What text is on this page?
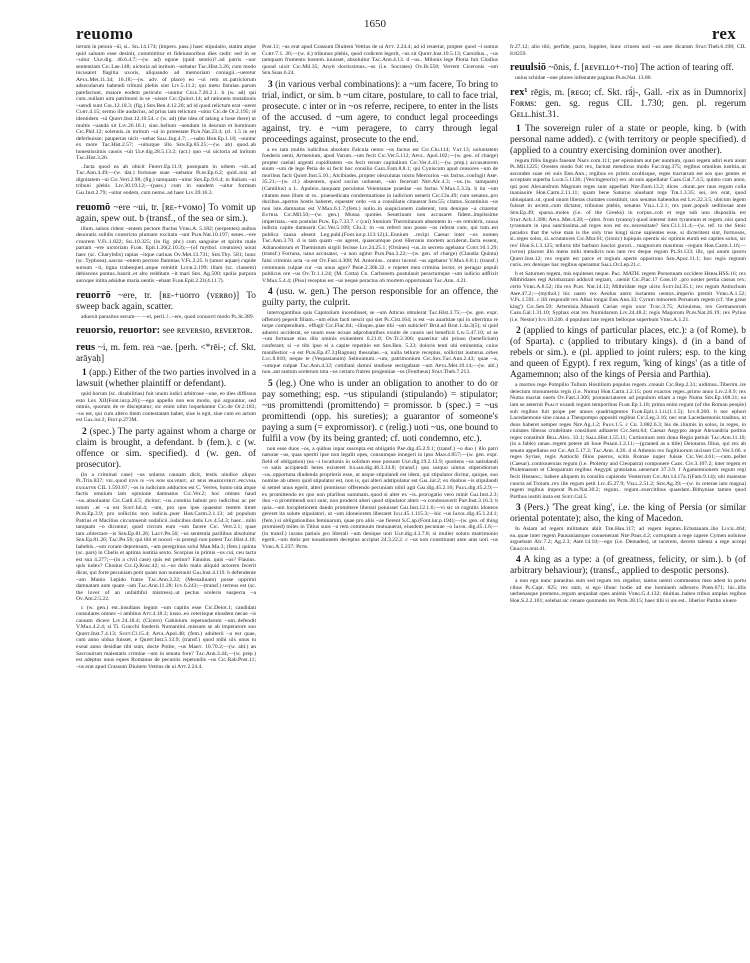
reuomo	1650	rex

iterum in peiora ~ūi, si.. Sɪʟ.14.174; (impers. pass.) haec stipulatio, statim atque quid saluum esse desinit, committitur et fideiussoribus dies cedit: sed in se ~uitur Uʟᴘ.dig. 46.6.4.7;—(w. ad) egone (quid sentio)?..ad patris ~uor sententiam Cɪᴄ.Lae.148; uictoria ad inritum ~uebatur Tᴀᴄ.Hist.3.26; cum modo incusaret flagitia uxoris, aliquando ad memoriam coniugii..~ueretur Aᴘᴜʟ.Met.11.34; 16.18;—(w. adv. of place) eo ~ui rem ut..patriciorum adsecularum habendi tribuni plebis sint Lɪᴠ.5.11.2; qui metu fistulae..parum patefaciunt, maiore eodem periculo ~uuntur Cᴇʟs.7.26.2.1. b (w. ad) qui cum..nullam uim patrimoni in se ~uisset Cɪᴄ.Quinct.14; ad rationem mutationis ~uendi sunt Cᴏʟ.12.18.3; (fig.) Sᴇɴ.Ben.4.12.20; ad id quod relictum erat ~ueret Cᴜʀᴛ.4.15; sermo ille audacius, ad prius iam relictum ~uitur Cɪᴄ.de Or.2.195; rē identidem ~ui Quɪɴᴛ.Inst.12.10.54. c (w. ad) (the idea of taking a hose there) ut multis ~uanda sit Lɪᴠ.26.16.1; sine..bellum ~uendum in deorum et hominum Cɪᴄ.Phil.12; solennis..in inritum ~ui in protestate Pʟɪɴ.Nat.23.4; (cl. 1.5 in se) deferbuisse; paupertas uicit ~uebat Sᴀʟʟ.Iug.4.7; ..~uabo Hᴏʀ.Ep.1.18; ~uuntur ex more Tac.Hist.2.57; ~uiturque illo Sᴇɴ.Ep.85.25;—(w. ab) quod..ab honestissimis causis ~uit Uʟᴘ.dig.28.5.13.2; (act.) quo ~ui uictoria ad inritum Tᴀᴄ.Hist.3.26.

..facta quod ea ab obicit Fʀᴏɴᴛ.Ep.11.9; postquam in urbem ~uit..ad Tᴀᴄ.Ann.4.49;—(w. dat.) fortunae suae ~uebatur Pʟɪɴ.Ep.6.2; quid..nisi ad dignitatem ~ui Cɪᴄ.Verr.2.98; (fig.) tamquam ~uitur Sᴇɴ.Ep.9.6.4; in Italiam ~ui tribuni plebis Lɪᴠ.30.19.12;—(pass.) cum in eandem ~uitur formam Gᴀɪ.Inst.2.79; ~uitur eodem, cum nemo..ad haec Lɪᴠ.39.16.3.

reuomō ~ere ~ui, tr. [ʀᴇ-+ᴠᴏᴍᴏ] To vomit up again, spew out. b (transf., of the sea or sim.).

illum..salsos rident ~entem pectore fluctus Vᴇʀɢ.A. 5.182; (serpentes) auibus deuoratis solidis constricto plumam excitam ~unt Pʟɪɴ.Nat.10.197; senes..~ere cruorem V.Fʟ.1.822; Sɪʟ.10.325; (in fig. phr.) cum sanguine et spiritu male partam ~ere uictoriam Fʟᴏʀ. Epit.1.26(2.10.3);—(of mythol. creatures) uorat haec (sc. Charybdis) raptas ~itque carinas Oᴠ.Met.13.731; Sᴇɴ.Thy. 581; hunc (sc. Typhoea)..sacras ~entem pectore flammas V.Fʟ.2.25. b (umor aquae) cupide sursum ~it, tigna trabesque)..atque remittit Lᴜᴄʀ.2.199; illam (sc. classem) dehiscens pontus..haurit..et alto redditam ~it mari Sᴇɴ. Ag.500; spolia purpura auroque inlita adsidue maria uentis ~ebant Fʟᴏʀ.Epit.2.21(4.11.7).

reuorrō ~ere, tr. [ʀᴇ-+uorro (ᴠᴇʀʀᴏ)] To sweep back again, scatter.

aduexit parasitos secum— —ei, peril..!..~ere, quod conuorri modo Pʟ.St.389.

reuorsio, reuortor: see ʀᴇᴠᴇʀsɪᴏ, ʀᴇᴠᴇʀᴛᴏʀ.

reus ~i, m. fem. rea ~ae. [perh. <*rēi-; cf. Skt. arāyaḥ]

1 (app.) Either of the two parties involved in a lawsuit (whether plaintiff or defendant).

quid horum (sc. disabilitias) fuit unum iudici arbitroue ~one, eo dies diffissus esto Lex XII(Font.iur.p.26);—ego appello non eos modo, qui arguuntur, sed omnis, quorum de re disceptatur; sic enim olim loquebantur Cɪᴄ.de Or.2.183; ~us est, qui cum altero litem contestatam habet, siue is egit, siue cum eo actum est Gᴀʟ.iur.2; Fᴇsᴛ.p.273M.

2 (spec.) The party against whom a charge or claim is brought, a defendant. b (fem.). c (w. offence or sim. specified). d (w. gen. of prosecutor).

(in a criminal case) ~us solutus causam dicit, testis uindice aliquo Pʟ.Trin.837; ᴠᴇɪ..quod ᴇɪᴠs ɪs ~ᴠs ɴᴏɴ sᴏʟᴠᴇʀɪᴛ, ᴀᴛ ʀᴇɪs ᴘʀᴀᴇᴅɪᴠᴇʀɪᴛ..ᴘᴇᴄᴠɴɪᴀ ᴇxɪɢᴀᴛᴠʀ CIL 1.593.67; ~os in iudicium adductos est C. Verres, homo uita atque factis omnium iam opinione damnatus Cɪᴄ.Ver.2; hoc omnes haud ~us..absoluatur Cɪᴄ.Catil.4.5; dicitur; ~us..comitia habuit pro iudicibus ac per totum ..et ~a est Sᴜᴇᴛ.Iul.4; ~um, pro quo ipse quaestor testem timet Pʟɪɴ.Ep.3.9; pro sollicitis non iudicis..puer Hᴏʀ.Carm.2.1.13; ad populum Patrius et Macilius circumuenit sodalicii..iudicibus datis Lɪᴠ.4.54.3; haec.. mihi tanquam ~o dicuntur; quod circum eum ~um facere Cɪᴄ. Verr.2.1; quae tam..obiectare ~is Sᴇɴ.Ep.81.26; Lᴀᴄᴛ.Pʜ.56; ~us sententia parilibus absoluitur Sᴇɴ.Ep.81.26; Tᴀᴄ.Pʜ.56; qui tibi et noceri ~is protegi non potest Tᴀᴄ.Hist.4.10; habebis..~um coram deprensum, ~am peregrinus solui Mᴀʀ.Ma.3; (fem.) quinta (sc. pars) in Chelis et aptima iustitia sexto. Scorpius in primis ~os cui, ceu tacta est sua 4.277;—(in a civil case) quis est petitor? Fannius. quis ~us? Flauius. quis iudex? Cluuius Cɪᴄ.Q.Rosc.42; si..~us dolo malo aliquid actorem fecerit dicat, qui forte pecuniam petit quam non numerauit Gᴀɪ.Inst.4.119. b defendente ~am Manio Lepido fratre Tᴀᴄ.Ann.3.22; (Messalinam) posse opprimi damnatam ante quam ~am Tᴀᴄ.Ann.11.28; Iᴜᴠ.6.243;—(transf.) terreus est (sc. the lover of an unfaithful mistress)..ut pectus sceleris suspecta ~a Oᴠ.Am.2.5.22.

c (w. gen.) est..insultans legum ~um capitis esse Cɪᴄ.Deiot.1; candidati consulares omnes ~i ambitus Aᴛᴛ.4.18.3; iusso..eo ceterisque eiusdem necae ~is causam dicere Lɪᴠ.24.18.4; (Cicero) Gabinium repetundarum ~um..defendit V.Mᴀx.4.2.4; si Ti. Gracchi foederis Numantini..missum se ab imperatore suo Quɪɴᴛ.Inst.7.4.13; Sᴜᴇᴛ.Cl.15.4; Aᴘᴜʟ.Apol.48; (fem.) adulterii ~a est quae, cum anno uidua fuisset, e Quɪɴᴛ.Inst.5.13.9; (transf.) quod mihi uix unus tu exeat anno desidiae tibi sum, docte Potite, ~us Mᴀʀᴛ. 10.70.2;—(w. abl.) an Sacrouirum maiestatis crimine ~um in senatu fore? Tᴀᴄ.Ann.3.44;—(w. prep.) est adeptus unus eques Romanus de pecuniis repetundis ~us Cɪᴄ.Rab.Post.11; ~us erat apud Crassum Diuitem Vettius de ui Aᴛᴛ.2.24.4.

Post.11; ~us erat apud Crassum Diuitem Vettius de ui Aᴛᴛ. 2.24.4; ad id reuertar, propter quod ~i sumus Cᴜʀᴛ.7.1. 26;—(w. d.) tribunus plebis, quod codicem legerit, ~us sit Quɪɴᴛ.Inst.10.5.13; Carsidius.., ~us tamquam frumento hostem..iuuisset, absoluitur Tᴀᴄ.Ann.4.13. d ~us.. Milonis lege Plotia fuit Clodius quoad uixit Cɪᴄ.Mil.35; Anyti doctissimus..~us (i.e. Socrates) Oᴠ.Ib.558; Verrem Ciceronis ~um Sᴇɴ.Suas.6.24.

3 (in various verbal combinations): a ~um facere, To bring to trial, indict, or sim. b ~um citare, postulare, to call to face trial, prosecute. c inter or in ~os referre, recipere, to enter in the lists of the accused. d ~um agere, to conduct legal proceedings against, try. e ~um peragere, to carry through legal proceedings against, prosecute to the end.

a ex tam multis iudicibus absoluto Falcula nemo ~os factus est Cɪᴄ.Clu.114; Vᴀᴛ.13; uoluntatem foederis uenti, Armenium, apud Varum..~um fecit Cɪᴄ.Ver.5.112; Aᴘᴜʟ. Apol.102;—(w. gen. of charge) propter caelati argenti cupiditatem ~os fecit rerum capitalium Cɪᴄ.Ver.4.41;—(w. prep.) accusatorem suum ~um de lege Petia de ui fecit hoc consilio Cᴀᴇʟ.Fam.8.8.1; qui Cyniscum apud censores ~um de moribus facit Quɪɴᴛ.Inst.5.10.; Alcibiades..propter obscuratas noctu Mercurios ~us factus..confugit Aᴍᴘ. 35.21;—(w. cl.) absentem, quod socius uolueset, ~um fecerunt Nᴇᴘ.Alc.4.3; ~os..(w. tamquam) (Camillus) a L. Apuleio..tanquam peculatus Veientanae praedae ~us factus V.Mᴀx.5.3.2a. b ita ~um citatum esse illum ut ro.. praeuedicata condemnatione in iudicium uenerit Cɪᴄ.Clu.49; cum senatus..pro ducibus..apertos hostis haberet, equester ordo ~os a consiliatis citauerat Sᴇɴ.55; citatus..Scantinius ~us non iste..damnatus est V.Mᴀx.6.1.7;(fem.) nullo..in suspicionem caderent, tota denique ~a citaretur Eᴜᴛʀɪᴀ Cɪᴄ.Mil.50;—(w. gen.) Mussa quoties Seuerinam non accusaret fidem..impiissime imperitata..~um postulat Pʟɪɴ. Ep.7.33.7. c (cui) Stenium Thermitanum absentem in ~os rettulerit, causa indicta capite damnarit Cɪᴄ.Ver.5.109; Clu.3; in ~os referri non posse ~os referat cum, qui tum..est publica causa absent Leg.publ.(Font.iur.p.113:12);L.Ennium ..recipi Caesar inter ~os nomen Tᴀᴄ.Ann.3.70. d is tam quam ~os ageret, quaecumque post Hieronis mortem acciderat..facta essent, Adranodorum et Themistum sirgili fecisse Lɪᴠ.24.25.1; (Orsines) ~us..in secreto agebatur Cᴜʀᴛ.10.1.29; (transf.) Fortuna, uana accusator, ~a non agitur Pʟɪɴ.Pan.3.22;—(w. gen. of charge) (Claudia Quinta) falsi criminis acta ~a est Oᴠ.Fast.4.308; M. Antonius.. orator incesti ~us agebatur V.Mᴀx.6.8.1; (transf.) communis culpae cur ~us unus agor? Pʀᴏᴘ.2.30b.32. e repetet mea crimina lector, et peragar populi publicus ore ~us Oᴠ.Tr.1.1.24; (M. Cotta) Cn. Carbonem..postulauit peractumque ~um iudicio adflixit V.Mᴀx.5.4.4; (Piso) receptus est ~us neque peractus ob mortem opportunam Tᴀᴄ.Ann. 4.21.

4 (usu. w. gen.) The person responsible for an offence, the guilty party, the culprit.

interrogantibus quis Capitolium incendisset, se ~um Atticus obtulerat Tᴀᴄ.Hist.3.75;—(w. gen. expr. offence) peperit filiam..~um eiius facti nescit qui siet Pʟ.Cist.164; is est ~us auaritiae qui in uberrima re turpe compendium.. effugit Cɪᴄ.Flac.84; ~ilisque..piae tibi ~um subiciet? Brut.ad Brut.1.4a.3(5); si quid aduersi acciderat, se unum esse noxae adprobantibus exuite de causis uel beneficii Lɪᴠ.5.47.10; ut se ~um fortunae eius diis ominis exinentem 6.21.8; Oᴠ.Tr.2.306; quaeritur ubi priuso (beneficium) conferant; si ~o tibi ipso ei a capite repetitio est Sᴇɴ.Ben. 5.23; doloris tenti ubi eminentia, cuius manifestior ~a est Pʟɪɴ.Ep.47.3;(Ragnus) thessalae..~a, nulla telluræ receptus, sollicitat iusturus..orbes Lᴜᴄ.8.810; neque te (Vespasianum) Selinuntum..~um, patrimonium Cɪᴄ.Sex.Tᴀᴄ.Ann.2.43; quae ~a, ~umque culpae Tᴀᴄ.Ann.4.32; cotidiani damni studiose sectigabant ~um Aᴘᴜʟ.Met.10.14;—(w. abl.) non..aut tantum scelerum tota ~os certaro fratres progeniiae ~os (Fentheus) Sᴛᴀᴛ.Theb.7.213.

5 (leg.) One who is under an obligation to another to do or pay something; esp. ~us stipulandi (stipulando) = stipulator; ~us promittendi (promittendo) = promissor. b (spec.) = ~us promittendi (opp. his sureties); a guarantor of someone's paying a sum (= expromissor). c (relig.) uoti ~us, one bound to fulfil a vow (by its being granted; cf. uoti condemno, etc.).

non esse duos ~os, a quibus inpar suscepta est obligatio Pᴀᴘ.dig.45.2.9.1; (transf.) ~o duo ( illo patri naturae ~us, quas operiti ipse non legalit opes, consumque innegeri in ipso Mᴀɴ.4.857;—(w. gen. expr. field of obligation) (ea ~i locationis in solidum esse possunt Uʟᴘ.dig.19.2.13.9; quotiens ~us satisdandi ~o satis acciptendi heres existeret Iᴜʟɪᴀɴ.dig.46.3.34.8; (transf.) quo usiquo uintus stipendiorum ~us..opportuna diudenda proprieris esse, ut usque stipulandi est idem, qui stipulator dicitur, quique, suo nomine ab uttero quid stipulatur est, non is, qui alteri adstipulatur est Gᴀʟ.iur.2; ex duobus ~is stipulandi si semel unus egerit, alteri promissor offerendo pecuniam nihil agit Gᴀɪ.dig.45.2.16; Pᴀᴜʟ.dig.45.2.9;—ex promittendo ex quo non pluribus summam..quod si alter ex ~is..prorogatio vero minit Gᴀɪ.Inst.2.3; duo ~o promittendi soci sunt, non proderit alteri quod stipulator alteri ~o condonaverit Pᴀᴘ.Inst.3.16.3; b quia..~um locupletiorem dando promittere liberari potuisset Gᴀɪ.Inst.12.1.6;—vi sic ut cognitis idoneos gereret ita solute stipulatori, ut ~um idoneiorem liberaret Iᴜʟɪ.45.1.115.3;—hic ~us Iᴀᴠᴏʟ.dig.45.1.24.1; (fem.) si obligationibus feminarum, quae pro aliis ~ae fierent S.C.ap.(Font.iur.p.194);—(w. gen. of thing promised) miles in Titius suus ~a rem commuum mutuauerat, eiusdem pecuniae ~o Iᴀᴠᴏʟ dig.45.1.6;—(in transf.) iurans patiuis pro liberali ~um denique uoti Uʟᴘ.dig.4.3.7.8; si mulier soluto matrimonio egerit..~um dotis per nouationem deceptus acciptat 24.3.22.2. c ~us non constituunt ante aras uoti ~us Vᴇʀɢ.A.5.237; Pᴇᴛʀ.

fr.27.12; alio tibi, perfide, pacto, Iuppiter, hunc crinem uoti ~us ante dicaram Sᴛᴀᴛ.Theb.6.198; CIL 8.8259.

reuulsiō ~ōnis, f. [ʀᴇᴠᴇʟʟᴏ+-ᴛɪᴏ] The action of tearing off.

unius schidae ~one plures infestante paginas Pʟɪɴ.Nat. 13.80.

rex¹ rēgis, m. [ʀᴇɢᴏ; cf. Skt. rā́j-, Gall. -rix as in Dumnorix] Fᴏʀᴍs: gen. sg. regus CIL 1.730; gen. pl. regerum Gᴇʟʟ.hist.31.

1 The sovereign ruler of a state or people, king. b (with personal name added). c (with territory or people specified). d (applied to a country exercising dominion over another).

regum filiis linguis faueant Nᴀᴇᴠ.com.111; per epistulam aut per nuntium, quasi regem adiri eum aiunt Pʟ.Mil.1225; Orestes modo fuit rex, factust mendicus modo Fᴀᴄ.trag.375; regibus omnibus iustitia..ut ascondes suae rei suis Eɴɴ.Ann.; regibus ex pristis ocultisque, reges tractarum est sos quo gentes et acceptam superba Lᴜᴄʀ.5.1136; (Vercingetorix) rex ab suis appellatur Cᴀᴇs.Gal.7.4.5; quinto cum anno, qui post Alexandrum Magnum reges sunt appellati Nᴇᴘ.Eum.13.2; dices ..durat..per raus regum colla inaniaoire Hᴏʀ.Carm.2.11.11; quam bene Saturno uiuebant rege Tɪʙ.1.3.35; sei, rex erat, quod ubiuspiam..ut, quod unum liberas ciuitates constituit, uox senatus habendus est Lɪᴠ.22.3.5; ubicum legem fuisset in arcem..cum dictator, tribunus plebis, senatus Vᴇʟʟ.1.2.1; rex puer..populi seditiosae ante Sᴇɴ.Ep.49; sparsa..moles (i.e. of the Greeks) in corpus..colt et rege sub uno dispositia est Sᴛᴀᴛ.Ach.1.398; Aᴘᴜʟ.Met.4.28;—(abst. from tyranny) quod interest inter tyrannum et regem..nisi quod tyrannum in ipsa sanctissima..ad reges non est ex..necessitate? Sᴇɴ.Cl.1.11.4;—(w. ref. to the Stoic paradox that the wise man is the only true king) sicne sapientes esse, si dicteritent sint, formosos, si..reges solos, si..scrutatores Cɪᴄ.Mur.61; (ironic) lupiquis opentis sic optimis eumh est capites solus, sic rex' Hᴏʀ.S.1.3.125; telluris tibi barbaro luscioi gururi... magnorum maximus ~regum Hᴏʀ.Carm.1.16;—(wron) placent illo mens mihi mendicis non tam rex deque regum Pʟ.St.133; illc, qui unum ipsoru Quɪɴᴛ.Inst.12; rex regum est parce et regium aperte opportuno Sᴇɴ.Apoc.11.1; hoc regis regnum curis..rex denique hac regibus operantur Sᴀʟʟ.Or.Lep.21.c.

b et Saturnen regem, mis equiteses neque. Pᴀᴄ. MATH. regem Porsennam occidere Hᴇʀᴍ.HSS.16; rex Mithridates regi Ariobarzani adduxit regiam, ..ueniit Cɪᴄ.Flac.17 Cᴏᴍ.10 ..pro noster pertia cassus rex; certo Vᴇʀɢ.A.8.52; illa rex Pʟɪɴ. Nat.14.12; Mithridate rege uicto Sᴜᴇᴛ.Iul.35.1; rex regum Antiochum Aᴍᴘ.47.2;—(mythol.) hic uasto rex Aeolus antro luctantes uentos..imperio premit Vᴇʀɢ.A.1.52; V.Fʟ.1.591. c illi respondit rex Albai longai Eɴɴ.Ann.33; Cyrum minorem Persarum regem (cf. 'the great king') Cɪᴄ.Sen.59; Artemisia..Mausoli Cariae regis uxor Tᴜsᴄ.3.75; Ariouistus, rex Germanorum Cᴀᴇs.Gal.1.31.10; Syphax erat rex Numidarum Lɪᴠ.24.48.2; regis Magorum Pʟɪɴ.Nat.26.19; rex Pylius (i.e. Nestor) Iᴜᴠ.10.246. d populum late regem belloque superbum Vᴇʀɢ.A.1.21.

2 (applied to kings of particular places, etc.): a (of Rome). b (of Sparta). c (applied to tributary kings). d (in a band of rebels or sim.). e (pl. applied to joint rulers; esp. to the king and queen of Egypt). f rex regum, 'king of kings' (as a title of Agamemnon; also of the kings of Persia and Parthia).

a mortuo rege Pompilio Tullum Hostilium populus regem..creauit Cɪᴄ.Rep.2.31; uidimus..Tiberim..ire deiectum monumenta regis (i.e. Numa) Hᴏʀ.Carm.1.2.15; post exactos reges..primo anno Lɪᴠ.2.8.9; rex Numa mactat ouem Oᴠ.Fast.3.306; pronunciatoren ad populum etiam a rege Numa Sᴇɴ.Ep.108.31; ea iam se aeternit Pʟᴀᴜᴛ exaudi regum temporibus Fʟᴏʀ.Ep.1.18; prima enim regum (of the Roman people) sub regibus fuit prope per annos quadringentos Fʟᴏʀ.Epit.1.1.ii.(1.1.5); Iᴜᴠ.8.260. b nec ephori Lacedaemone sine causa a Theopompo oppositi regibus Cɪᴄ.Leg.3.16; nec erat Lacedaemonis traditus, ut duos haberet semper reges Nᴇᴘ.Ag.1.2; Pᴀᴜs.1.5. c Cɪʟ 3.882.6.3; his de..iliumis in solos, in reges, in ciuitates liberas crudelitate consilium adhaeret Cɪᴄ.Sest.64; Caesar Aegypto atque Alexandria potitus reges constituit Bᴇʟʟ.Alex. 33.1; Sᴀʟʟ.Hist.1.55.11; Curtionium rem dona Regia petiuit Tᴀᴄ.Ann.11.16; (in a fable) ranae..regem petere ab Ioue Pʜᴀᴇᴅ.1.2.11;—(granted as a title) Deiotarus filius, qui rex ab senatu appellatus est Cɪᴄ.Att.5.17.3; Tᴀᴄ.Ann. 4.26. d si Athenio rex fugitiuorum uicisset Cɪᴄ.Ver.3.66. e reges Syriae, regis Antiochi filios pueros, scitis Romae nuper fuisse Cɪᴄ.Ver.4.61;—cum..pellet (Caesar)..controuersias regum (i.e. Ptolemy and Cleopatra) componere Cᴀᴇs. Civ.3.107.2; inter regem et Ptolemaeum et Cleopatram regibus Aegypti gratulatus..uenerunt 37.3.9. f Agamemnonem regum regi fecit Hᴇʀᴍᴏɢ.; habere aliquem in consilio capiendo Vesterrum Cɪᴄ.Att.14.17a.1(Fam.9.14); ubi maiestas cuncta ad Troiam..rex ille regum petit Lɪᴠ.45.27.9; Vᴇʟʟ.2.51.2; Sᴇɴ.Ag.39;—(w. in ceterae iam magna) regem regibus imperat Pʟɪɴ.Nat.30.2; regum.. regum..exercitibus quaedam..Bithyniae tamen quod Parthos iustiti insta est Sᴜᴇᴛ.Cal.5.

3 (Pers.) 'The great king', i.e. the king of Persia (or similar oriental potentate); also, the king of Macedon.

In Asiam ad regem militatum abiit Tᴇʀ.Hau.117; ad regem legatus..Ecbatanam..ibo Lᴜᴄɪʟ.464; ea..quae inter regem Pausaniamque conuenerant Nᴇᴘ.Paus.4.2; corruptum a rege capere Cymen noluisse arguebant Alc.7.2; Ag.2.3; Aᴍᴘ.14.10;—ego (i.e. Demades), ut tacerem, decem talenta a rege accepi Gʀᴀᴄᴄʜ.orat.41.

4 A king as a type: a (of greatness, felicity, or sim.). b (of arbitrary behaviour); (transf., applied to despotic persons).

a non ego nunc parasitus sum sed regum rex regalior, tantus uentri commeatus meo adest in portu cibus Pʟ.Capt. 825; rex sum, si ego illunc hodie ad me hominem adlexero Poen.671; hic..illis uerbenasque premens..regum aequabat opes animis Vᴇʀɢ.G.4.132; diuitias..habeo tribus amplas regibus Hᴏʀ.S.2.2.101; solebat sic cenare quomodo rex Pᴇᴛʀ.38.15; haec tibi si uis est.. liberior Partho uiuere
